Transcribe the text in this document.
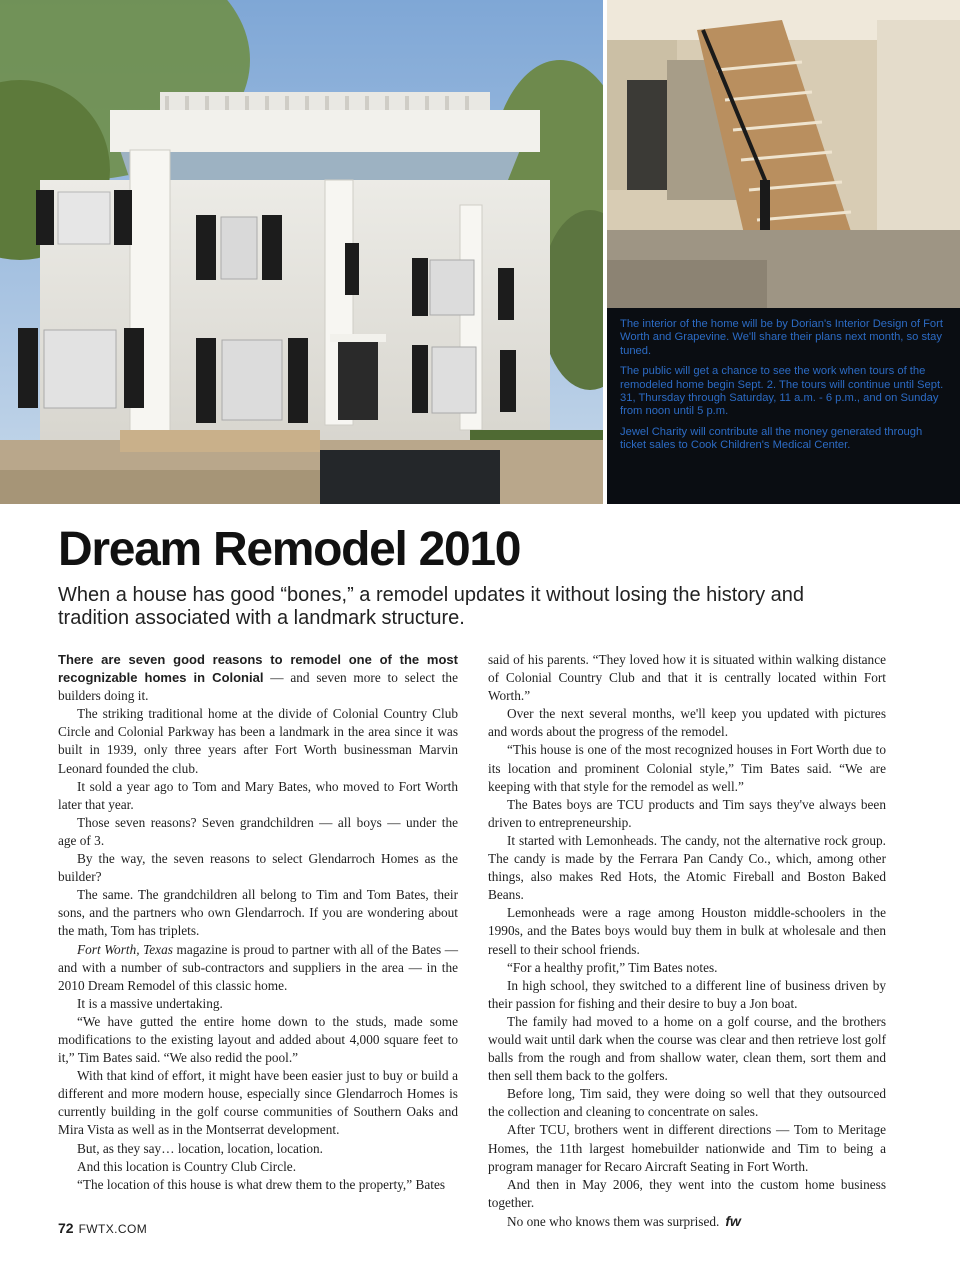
The interior of the home will be by Dorian's Interior Design of Fort Worth and Grapevine. We'll share their plans next month, so stay tuned.

The public will get a chance to see the work when tours of the remodeled home begin Sept. 2. The tours will continue until Sept. 31, Thursday through Saturday, 11 a.m. - 6 p.m., and on Sunday from noon until 5 p.m.

Jewel Charity will contribute all the money generated through ticket sales to Cook Children's Medical Center.

Dream Remodel 2010

When a house has good “bones,” a remodel updates it without losing the history and tradition associated with a landmark structure.

There are seven good reasons to remodel one of the most recognizable homes in Colonial — and seven more to select the builders doing it.

The striking traditional home at the divide of Colonial Country Club Circle and Colonial Parkway has been a landmark in the area since it was built in 1939, only three years after Fort Worth businessman Marvin Leonard founded the club.

It sold a year ago to Tom and Mary Bates, who moved to Fort Worth later that year.

Those seven reasons? Seven grandchildren — all boys — under the age of 3.

By the way, the seven reasons to select Glendarroch Homes as the builder?

The same. The grandchildren all belong to Tim and Tom Bates, their sons, and the partners who own Glendarroch. If you are wondering about the math, Tom has triplets.

Fort Worth, Texas magazine is proud to partner with all of the Bates — and with a number of sub-contractors and suppliers in the area — in the 2010 Dream Remodel of this classic home.

It is a massive undertaking.

“We have gutted the entire home down to the studs, made some modifications to the existing layout and added about 4,000 square feet to it,” Tim Bates said. “We also redid the pool.”

With that kind of effort, it might have been easier just to buy or build a different and more modern house, especially since Glendarroch Homes is currently building in the golf course communities of Southern Oaks and Mira Vista as well as in the Montserrat development.

But, as they say… location, location, location.

And this location is Country Club Circle.

“The location of this house is what drew them to the property,” Bates

said of his parents. “They loved how it is situated within walking distance of Colonial Country Club and that it is centrally located within Fort Worth.”

Over the next several months, we'll keep you updated with pictures and words about the progress of the remodel.

“This house is one of the most recognized houses in Fort Worth due to its location and prominent Colonial style,” Tim Bates said. “We are keeping with that style for the remodel as well.”

The Bates boys are TCU products and Tim says they've always been driven to entrepreneurship.

It started with Lemonheads. The candy, not the alternative rock group. The candy is made by the Ferrara Pan Candy Co., which, among other things, also makes Red Hots, the Atomic Fireball and Boston Baked Beans.

Lemonheads were a rage among Houston middle-schoolers in the 1990s, and the Bates boys would buy them in bulk at wholesale and then resell to their school friends.

“For a healthy profit,” Tim Bates notes.

In high school, they switched to a different line of business driven by their passion for fishing and their desire to buy a Jon boat.

The family had moved to a home on a golf course, and the brothers would wait until dark when the course was clear and then retrieve lost golf balls from the rough and from shallow water, clean them, sort them and then sell them back to the golfers.

Before long, Tim said, they were doing so well that they outsourced the collection and cleaning to concentrate on sales.

After TCU, brothers went in different directions — Tom to Meritage Homes, the 11th largest homebuilder nationwide and Tim to being a program manager for Recaro Aircraft Seating in Fort Worth.

And then in May 2006, they went into the custom home business together.

No one who knows them was surprised. fw

72 FWTX.COM
